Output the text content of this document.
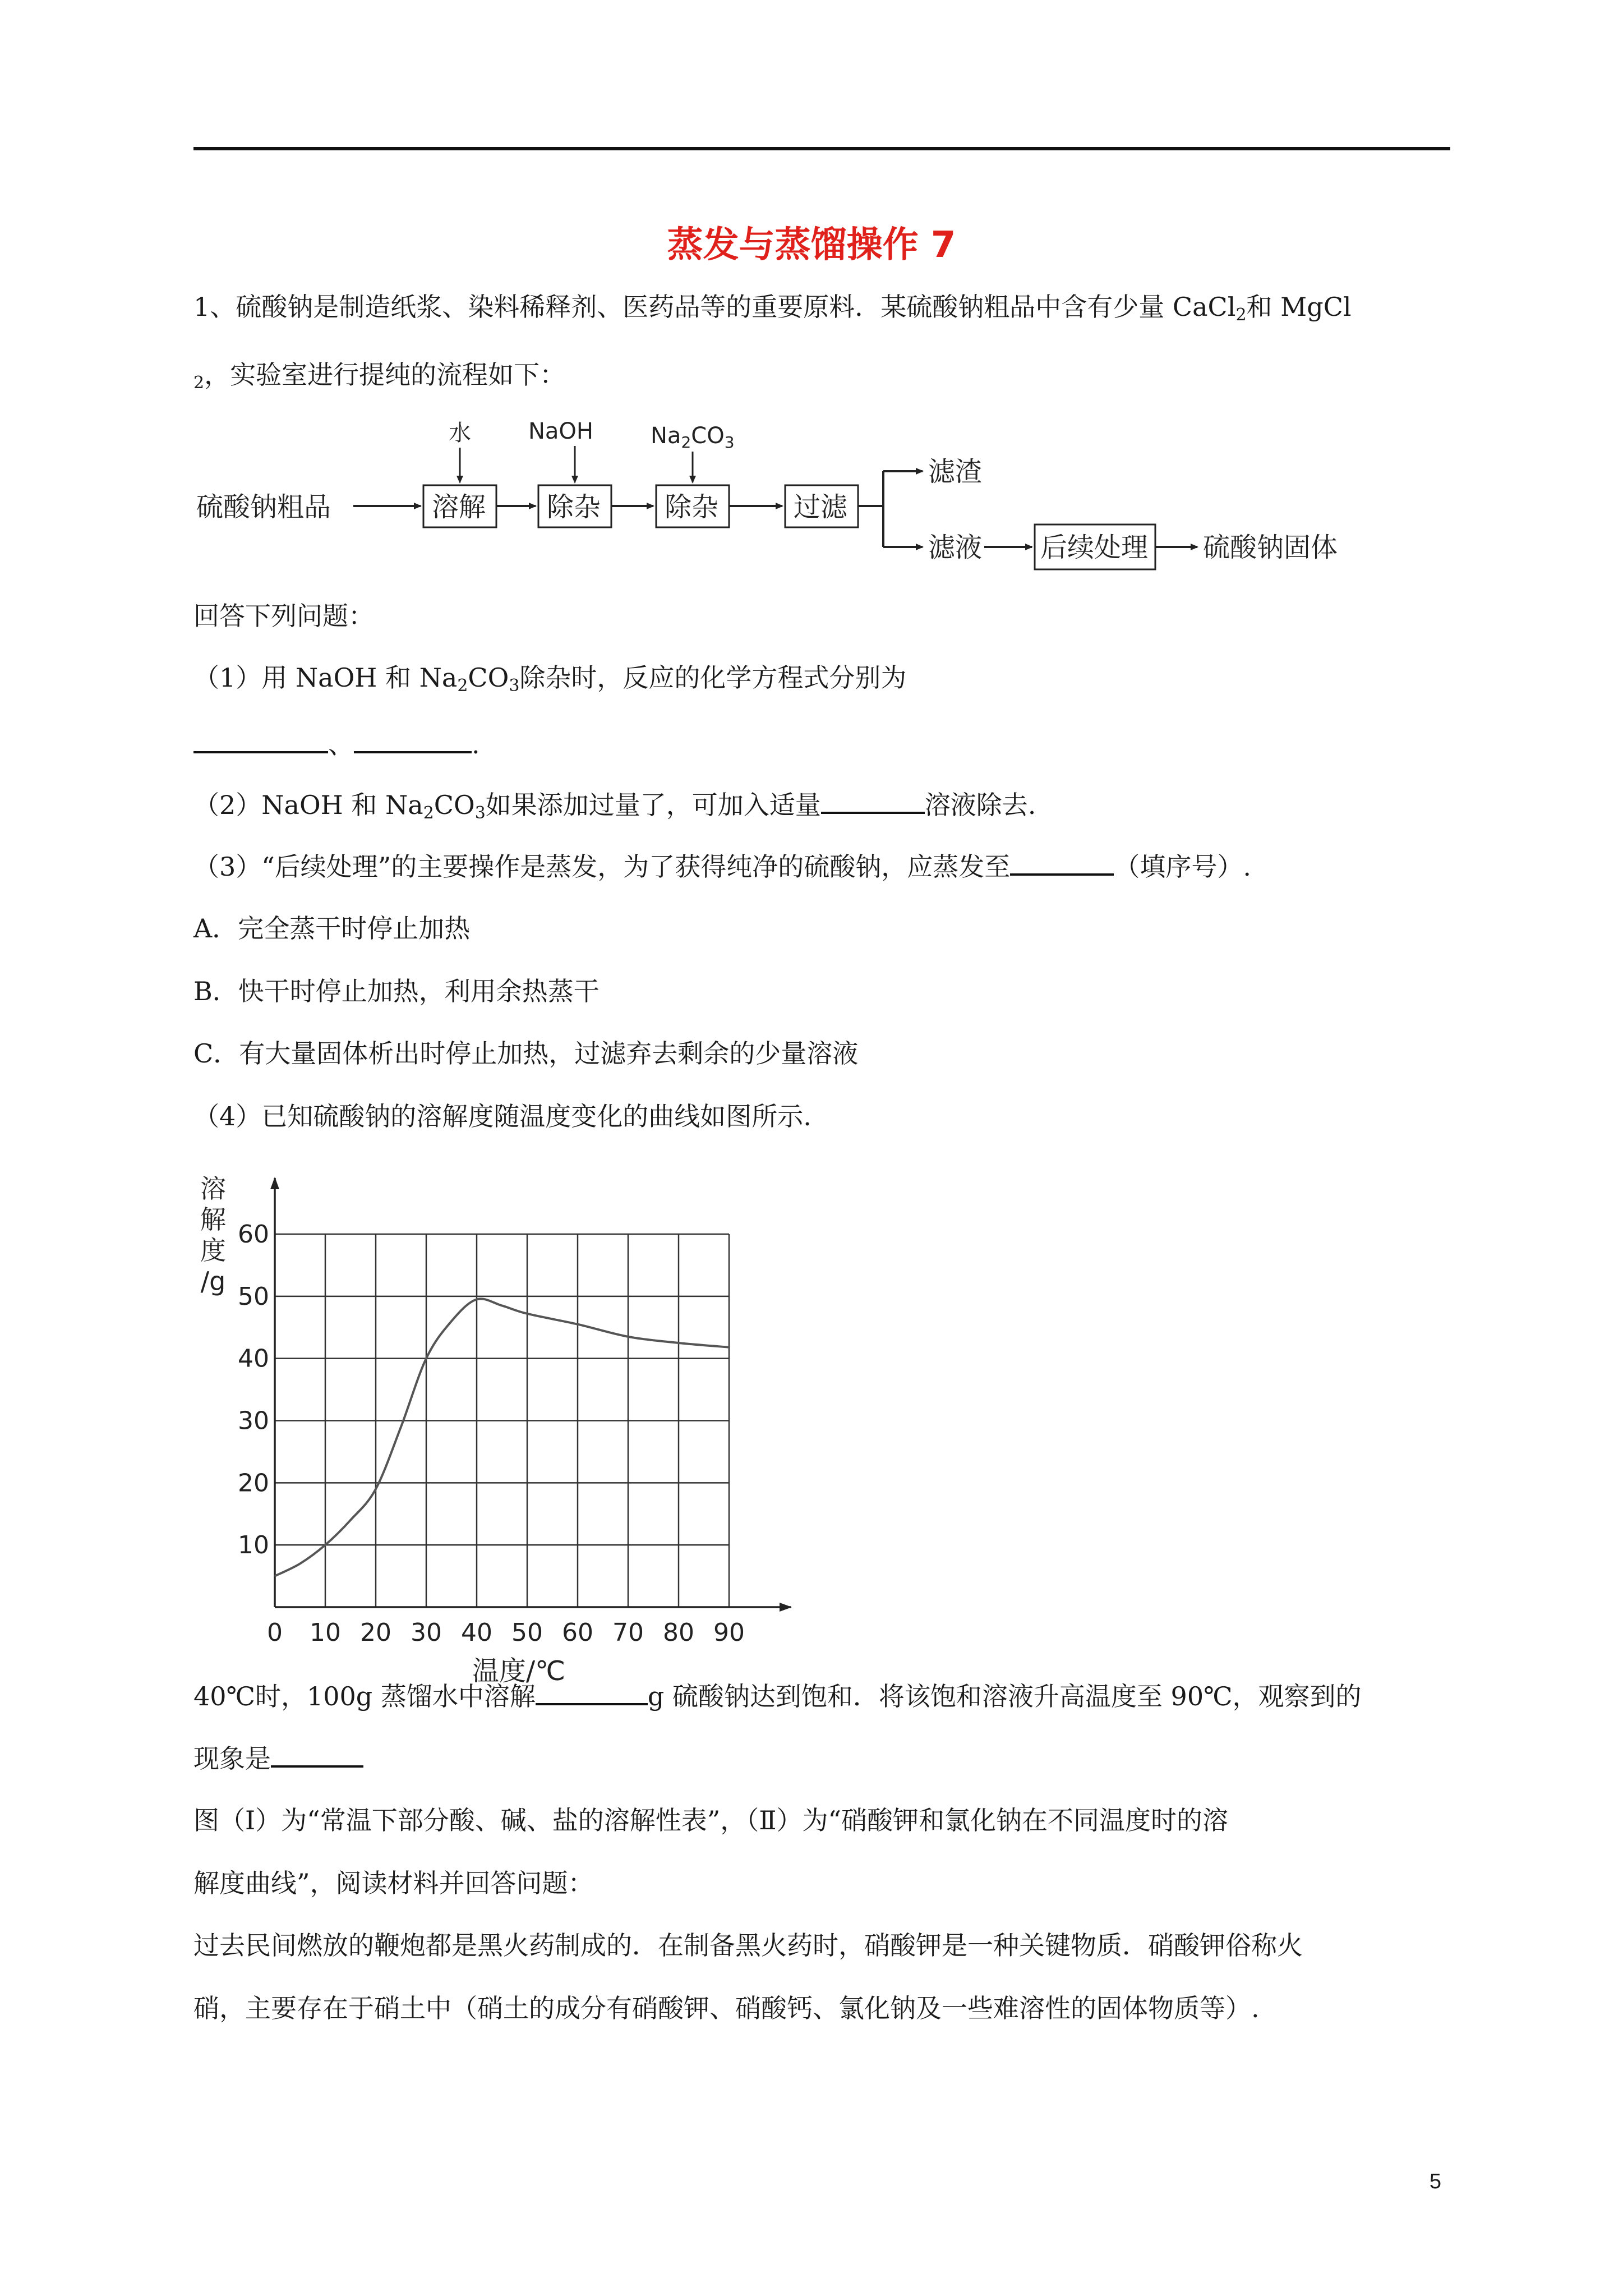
蒸发与蒸馏操作 7
1、硫酸钠是制造纸浆、染料稀释剂、医药品等的重要原料．某硫酸钠粗品中含有少量 CaCl$_2$和 MgCl
$_2$，实验室进行提纯的流程如下：
硫酸钠粗品	溶解
水
除杂
NaOH
除杂
$Na_2CO_3$
过滤
滤渣
滤液 后续处理 硫酸钠固体
回答下列问题：
（1）用 NaOH 和 $Na_2CO_3$除杂时，反应的化学方程式分别为
、	.
（2）NaOH 和 $Na_2CO_3$如果添加过量了，可加入适量	溶液除去.
（3）“后续处理”的主要操作是蒸发，为了获得纯净的硫酸钠，应蒸发至	（填序号）.
A．完全蒸干时停止加热
B．快干时停止加热，利用余热蒸干
C．有大量固体析出时停止加热，过滤弃去剩余的少量溶液
（4）已知硫酸钠的溶解度随温度变化的曲线如图所示.
0 10 20 30 40 50 60 70 80 90
10
20
30
40
50
60
溶
解
度
/g
温度/℃
40℃时，100g 蒸馏水中溶解	g 硫酸钠达到饱和．将该饱和溶液升高温度至 90℃，观察到的
现象是
图（Ⅰ）为“常温下部分酸、碱、盐的溶解性表”，（Ⅱ）为“硝酸钾和氯化钠在不同温度时的溶
解度曲线”，阅读材料并回答问题：
过去民间燃放的鞭炮都是黑火药制成的．在制备黑火药时，硝酸钾是一种关键物质．硝酸钾俗称火
硝，主要存在于硝土中（硝土的成分有硝酸钾、硝酸钙、氯化钠及一些难溶性的固体物质等）.
5
